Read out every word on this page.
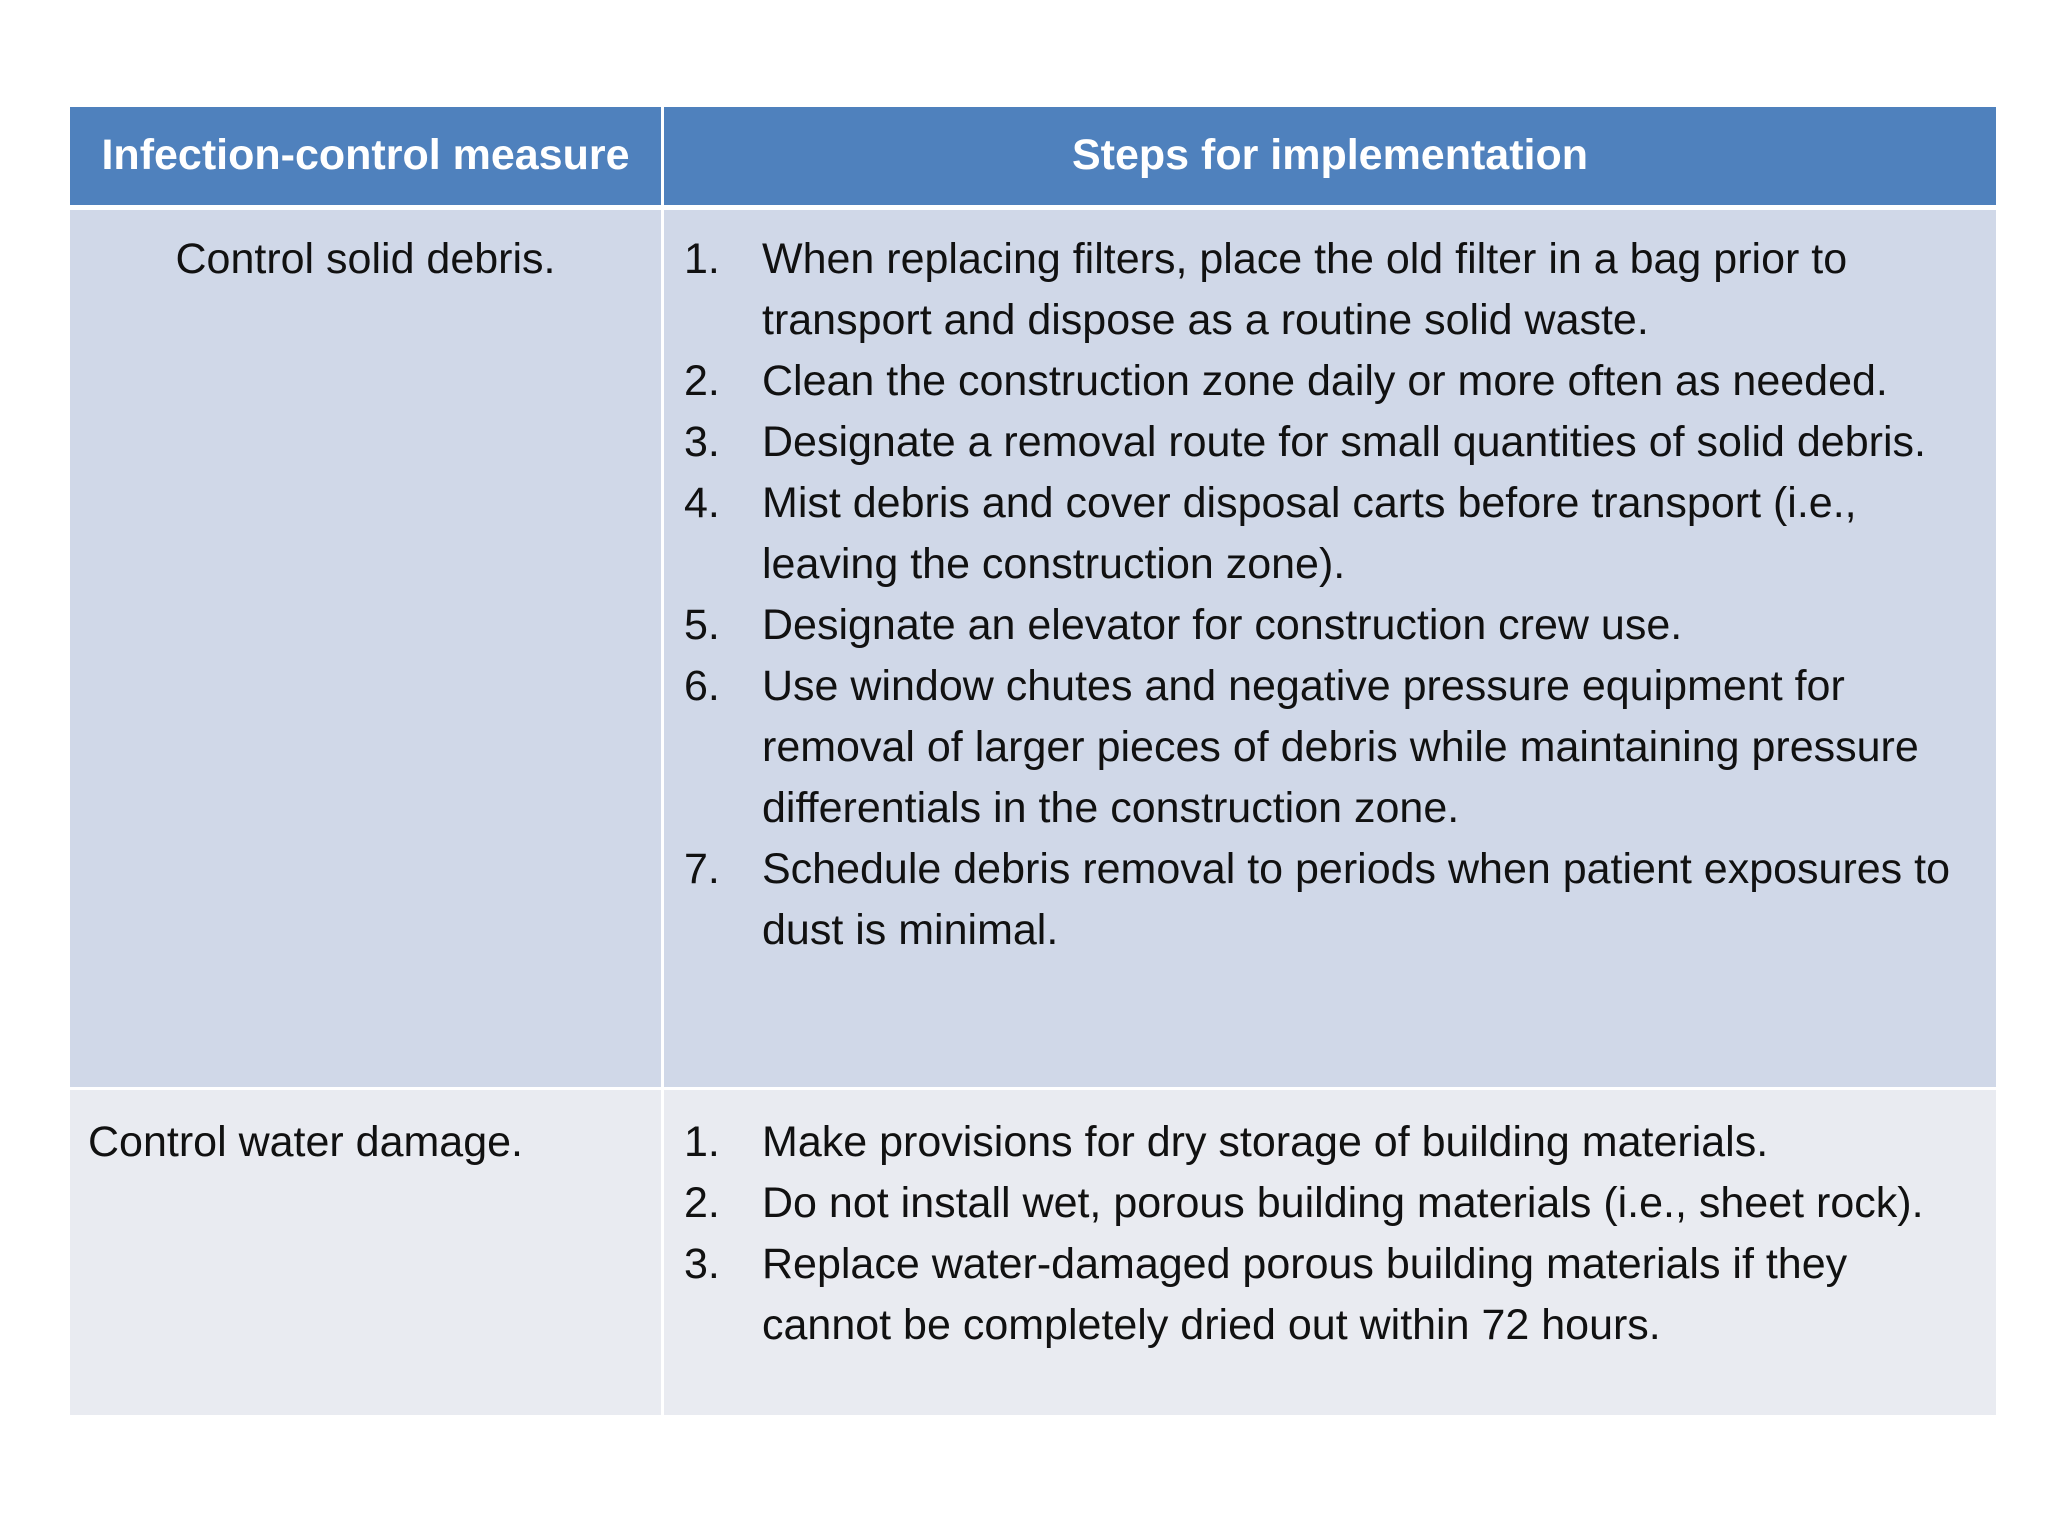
Infection-control measure	Steps for implementation
Control solid debris.	1. When replacing filters, place the old filter in a bag prior to transport and dispose as a routine solid waste.
2. Clean the construction zone daily or more often as needed.
3. Designate a removal route for small quantities of solid debris.
4. Mist debris and cover disposal carts before transport (i.e., leaving the construction zone).
5. Designate an elevator for construction crew use.
6. Use window chutes and negative pressure equipment for removal of larger pieces of debris while maintaining pressure differentials in the construction zone.
7. Schedule debris removal to periods when patient exposures to dust is minimal.
Control water damage.	1. Make provisions for dry storage of building materials.
2. Do not install wet, porous building materials (i.e., sheet rock).
3. Replace water-damaged porous building materials if they cannot be completely dried out within 72 hours.
